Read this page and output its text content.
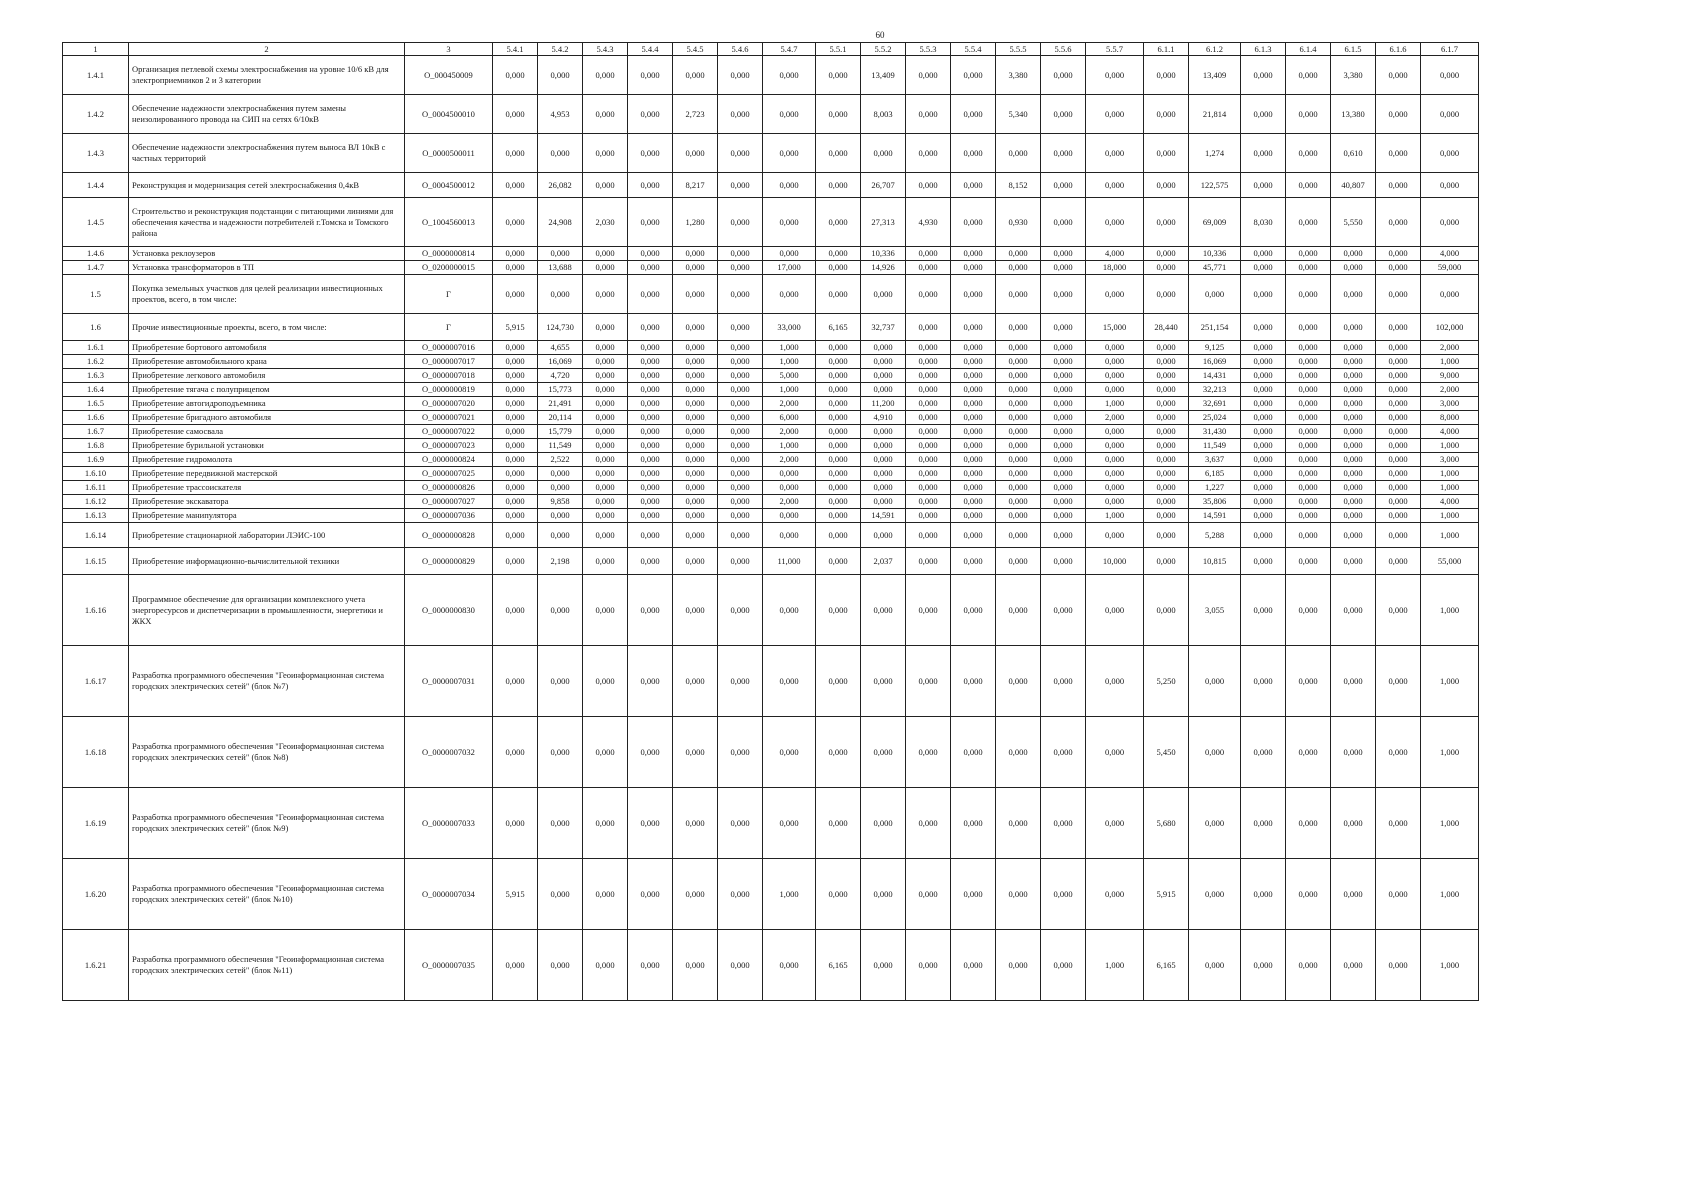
60
1	2	3	5.4.1	5.4.2	5.4.3	5.4.4	5.4.5	5.4.6	5.4.7	5.5.1	5.5.2	5.5.3	5.5.4	5.5.5	5.5.6	5.5.7	6.1.1	6.1.2	6.1.3	6.1.4	6.1.5	6.1.6	6.1.7
1.4.1	Организация петлевой схемы электроснабжения на уровне 10/6 кВ для электроприемников 2 и 3 категории	О_000450009	0,000	0,000	0,000	0,000	0,000	0,000	0,000	0,000	13,409	0,000	0,000	3,380	0,000	0,000	0,000	13,409	0,000	0,000	3,380	0,000	0,000
1.4.2	Обеспечение надежности электроснабжения путем замены неизолированного провода на СИП на сетях 6/10кВ	О_0004500010	0,000	4,953	0,000	0,000	2,723	0,000	0,000	0,000	8,003	0,000	0,000	5,340	0,000	0,000	0,000	21,814	0,000	0,000	13,380	0,000	0,000
1.4.3	Обеспечение надежности электроснабжения путем выноса ВЛ 10кВ с частных территорий	О_0000500011	0,000	0,000	0,000	0,000	0,000	0,000	0,000	0,000	0,000	0,000	0,000	0,000	0,000	0,000	0,000	1,274	0,000	0,000	0,610	0,000	0,000
1.4.4	Реконструкция и модернизация сетей электроснабжения 0,4кВ	О_0004500012	0,000	26,082	0,000	0,000	8,217	0,000	0,000	0,000	26,707	0,000	0,000	8,152	0,000	0,000	0,000	122,575	0,000	0,000	40,807	0,000	0,000
1.4.5	Строительство и реконструкция подстанции с питающими линиями для обеспечения качества и надежности потребителей г.Томска и Томского района	О_1004560013	0,000	24,908	2,030	0,000	1,280	0,000	0,000	0,000	27,313	4,930	0,000	0,930	0,000	0,000	0,000	69,009	8,030	0,000	5,550	0,000	0,000
1.4.6	Установка реклоузеров	О_0000000814	0,000	0,000	0,000	0,000	0,000	0,000	0,000	0,000	10,336	0,000	0,000	0,000	0,000	4,000	0,000	10,336	0,000	0,000	0,000	0,000	4,000
1.4.7	Установка трансформаторов в ТП	О_0200000015	0,000	13,688	0,000	0,000	0,000	0,000	17,000	0,000	14,926	0,000	0,000	0,000	0,000	18,000	0,000	45,771	0,000	0,000	0,000	0,000	59,000
1.5	Покупка земельных участков для целей реализации инвестиционных проектов, всего, в том числе:	Г	0,000	0,000	0,000	0,000	0,000	0,000	0,000	0,000	0,000	0,000	0,000	0,000	0,000	0,000	0,000	0,000	0,000	0,000	0,000	0,000	0,000
1.6	Прочие инвестиционные проекты, всего, в том числе:	Г	5,915	124,730	0,000	0,000	0,000	0,000	33,000	6,165	32,737	0,000	0,000	0,000	0,000	15,000	28,440	251,154	0,000	0,000	0,000	0,000	102,000
1.6.1	Приобретение бортового автомобиля	О_0000007016	0,000	4,655	0,000	0,000	0,000	0,000	1,000	0,000	0,000	0,000	0,000	0,000	0,000	0,000	0,000	9,125	0,000	0,000	0,000	0,000	2,000
1.6.2	Приобретение автомобильного крана	О_0000007017	0,000	16,069	0,000	0,000	0,000	0,000	1,000	0,000	0,000	0,000	0,000	0,000	0,000	0,000	0,000	16,069	0,000	0,000	0,000	0,000	1,000
1.6.3	Приобретение легкового автомобиля	О_0000007018	0,000	4,720	0,000	0,000	0,000	0,000	5,000	0,000	0,000	0,000	0,000	0,000	0,000	0,000	0,000	14,431	0,000	0,000	0,000	0,000	9,000
1.6.4	Приобретение тягача с полуприцепом	О_0000000819	0,000	15,773	0,000	0,000	0,000	0,000	1,000	0,000	0,000	0,000	0,000	0,000	0,000	0,000	0,000	32,213	0,000	0,000	0,000	0,000	2,000
1.6.5	Приобретение автогидроподъемника	О_0000007020	0,000	21,491	0,000	0,000	0,000	0,000	2,000	0,000	11,200	0,000	0,000	0,000	0,000	1,000	0,000	32,691	0,000	0,000	0,000	0,000	3,000
1.6.6	Приобретение бригадного автомобиля	О_0000007021	0,000	20,114	0,000	0,000	0,000	0,000	6,000	0,000	4,910	0,000	0,000	0,000	0,000	2,000	0,000	25,024	0,000	0,000	0,000	0,000	8,000
1.6.7	Приобретение самосвала	О_0000007022	0,000	15,779	0,000	0,000	0,000	0,000	2,000	0,000	0,000	0,000	0,000	0,000	0,000	0,000	0,000	31,430	0,000	0,000	0,000	0,000	4,000
1.6.8	Приобретение бурильной установки	О_0000007023	0,000	11,549	0,000	0,000	0,000	0,000	1,000	0,000	0,000	0,000	0,000	0,000	0,000	0,000	0,000	11,549	0,000	0,000	0,000	0,000	1,000
1.6.9	Приобретение гидромолота	О_0000000824	0,000	2,522	0,000	0,000	0,000	0,000	2,000	0,000	0,000	0,000	0,000	0,000	0,000	0,000	0,000	3,637	0,000	0,000	0,000	0,000	3,000
1.6.10	Приобретение передвижной мастерской	О_0000007025	0,000	0,000	0,000	0,000	0,000	0,000	0,000	0,000	0,000	0,000	0,000	0,000	0,000	0,000	0,000	6,185	0,000	0,000	0,000	0,000	1,000
1.6.11	Приобретение трассоискателя	О_0000000826	0,000	0,000	0,000	0,000	0,000	0,000	0,000	0,000	0,000	0,000	0,000	0,000	0,000	0,000	0,000	1,227	0,000	0,000	0,000	0,000	1,000
1.6.12	Приобретение экскаватора	О_0000007027	0,000	9,858	0,000	0,000	0,000	0,000	2,000	0,000	0,000	0,000	0,000	0,000	0,000	0,000	0,000	35,806	0,000	0,000	0,000	0,000	4,000
1.6.13	Приобретение манипулятора	О_0000007036	0,000	0,000	0,000	0,000	0,000	0,000	0,000	0,000	14,591	0,000	0,000	0,000	0,000	1,000	0,000	14,591	0,000	0,000	0,000	0,000	1,000
1.6.14	Приобретение стационарной лаборатории ЛЭИС-100	О_0000000828	0,000	0,000	0,000	0,000	0,000	0,000	0,000	0,000	0,000	0,000	0,000	0,000	0,000	0,000	0,000	5,288	0,000	0,000	0,000	0,000	1,000
1.6.15	Приобретение информационно-вычислительной техники	О_0000000829	0,000	2,198	0,000	0,000	0,000	0,000	11,000	0,000	2,037	0,000	0,000	0,000	0,000	10,000	0,000	10,815	0,000	0,000	0,000	0,000	55,000
1.6.16	Программное обеспечение для организации комплексного учета энергоресурсов и диспетчеризации в промышленности, энергетики и ЖКХ	О_0000000830	0,000	0,000	0,000	0,000	0,000	0,000	0,000	0,000	0,000	0,000	0,000	0,000	0,000	0,000	0,000	3,055	0,000	0,000	0,000	0,000	1,000
1.6.17	Разработка программного обеспечения "Геоинформационная система городских электрических сетей" (блок №7)	О_0000007031	0,000	0,000	0,000	0,000	0,000	0,000	0,000	0,000	0,000	0,000	0,000	0,000	0,000	0,000	5,250	0,000	0,000	0,000	0,000	0,000	1,000
1.6.18	Разработка программного обеспечения "Геоинформационная система городских электрических сетей" (блок №8)	О_0000007032	0,000	0,000	0,000	0,000	0,000	0,000	0,000	0,000	0,000	0,000	0,000	0,000	0,000	0,000	5,450	0,000	0,000	0,000	0,000	0,000	1,000
1.6.19	Разработка программного обеспечения "Геоинформационная система городских электрических сетей" (блок №9)	О_0000007033	0,000	0,000	0,000	0,000	0,000	0,000	0,000	0,000	0,000	0,000	0,000	0,000	0,000	0,000	5,680	0,000	0,000	0,000	0,000	0,000	1,000
1.6.20	Разработка программного обеспечения "Геоинформационная система городских электрических сетей" (блок №10)	О_0000007034	5,915	0,000	0,000	0,000	0,000	0,000	1,000	0,000	0,000	0,000	0,000	0,000	0,000	0,000	5,915	0,000	0,000	0,000	0,000	0,000	1,000
1.6.21	Разработка программного обеспечения "Геоинформационная система городских электрических сетей" (блок №11)	О_0000007035	0,000	0,000	0,000	0,000	0,000	0,000	0,000	6,165	0,000	0,000	0,000	0,000	0,000	1,000	6,165	0,000	0,000	0,000	0,000	0,000	1,000
